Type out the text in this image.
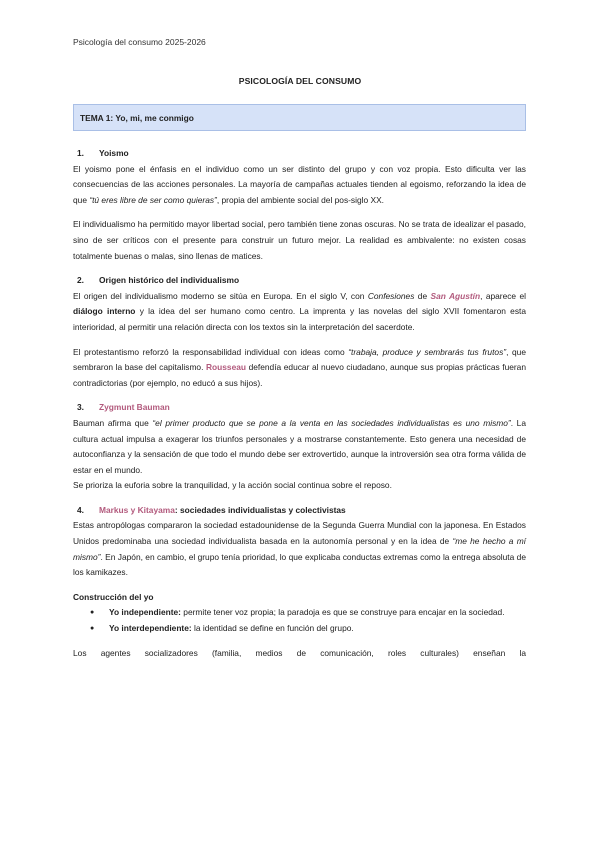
Psicología del consumo 2025-2026
PSICOLOGÍA DEL CONSUMO
TEMA 1: Yo, mi, me conmigo

1. Yoismo

El yoismo pone el énfasis en el individuo como un ser distinto del grupo y con voz propia. Esto dificulta ver las consecuencias de las acciones personales. La mayoría de campañas actuales tienden al egoismo, reforzando la idea de que “tú eres libre de ser como quieras”, propia del ambiente social del pos-siglo XX.

El individualismo ha permitido mayor libertad social, pero también tiene zonas oscuras. No se trata de idealizar el pasado, sino de ser críticos con el presente para construir un futuro mejor. La realidad es ambivalente: no existen cosas totalmente buenas o malas, sino llenas de matices.

2. Origen histórico del individualismo

El origen del individualismo moderno se sitúa en Europa. En el siglo V, con Confesiones de San Agustín, aparece el diálogo interno y la idea del ser humano como centro. La imprenta y las novelas del siglo XVII fomentaron esta interioridad, al permitir una relación directa con los textos sin la interpretación del sacerdote.

El protestantismo reforzó la responsabilidad individual con ideas como “trabaja, produce y sembrarás tus frutos”, que sembraron la base del capitalismo. Rousseau defendía educar al nuevo ciudadano, aunque sus propias prácticas fueran contradictorias (por ejemplo, no educó a sus hijos).

3. Zygmunt Bauman

Bauman afirma que “el primer producto que se pone a la venta en las sociedades individualistas es uno mismo”. La cultura actual impulsa a exagerar los triunfos personales y a mostrarse constantemente. Esto genera una necesidad de autoconfianza y la sensación de que todo el mundo debe ser extrovertido, aunque la introversión sea otra forma válida de estar en el mundo.

Se prioriza la euforia sobre la tranquilidad, y la acción social continua sobre el reposo.

4. Markus y Kitayama: sociedades individualistas y colectivistas

Estas antropólogas compararon la sociedad estadounidense de la Segunda Guerra Mundial con la japonesa. En Estados Unidos predominaba una sociedad individualista basada en la autonomía personal y en la idea de “me he hecho a mí mismo”. En Japón, en cambio, el grupo tenía prioridad, lo que explicaba conductas extremas como la entrega absoluta de los kamikazes.

Construcción del yo

● Yo independiente: permite tener voz propia; la paradoja es que se construye para encajar en la sociedad.
● Yo interdependiente: la identidad se define en función del grupo.

Los agentes socializadores (familia, medios de comunicación, roles culturales) enseñan la
